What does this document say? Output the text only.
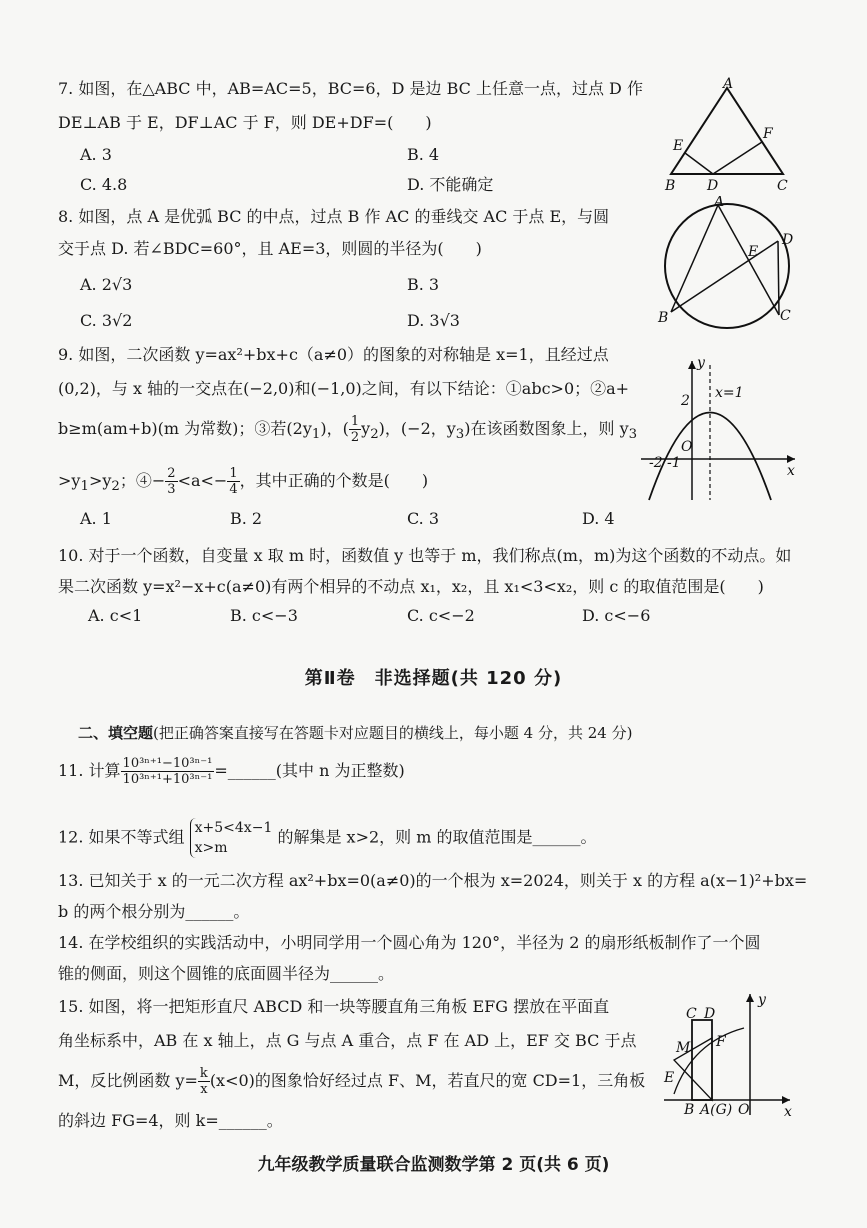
7. 如图，在△ABC 中，AB=AC=5，BC=6，D 是边 BC 上任意一点，过点 D 作
DE⊥AB 于 E，DF⊥AC 于 F，则 DE+DF=(　　)
A. 3	B. 4
C. 4.8	D. 不能确定
A
E
F
B D	C
8. 如图，点 A 是优弧 BC 的中点，过点 B 作 AC 的垂线交 AC 于点 E，与圆
交于点 D. 若∠BDC=60°，且 AE=3，则圆的半径为(　　)
A. 2√3	B. 3
C. 3√2	D. 3√3
A
D
E
B	C
9. 如图，二次函数 y=ax²+bx+c（a≠0）的图象的对称轴是 x=1，且经过点
(0,2)，与 x 轴的一交点在(−2,0)和(−1,0)之间，有以下结论：①abc>0；②a+
b≥m(am+b)(m 为常数)；③若$(2y_1)$，( $\frac{1}{2} y_2$)，(−2，$y_3$)在该函数图象上，则 $y_3$
$>y_1>y_2$；④− $\frac{2}{3} <a<- \frac{1}{4}$ ，其中正确的个数是(　　)
A. 1	B. 2	C. 3	D. 4
y
x=1
2
O
-2 -1	x
10. 对于一个函数，自变量 x 取 m 时，函数值 y 也等于 m，我们称点(m，m)为这个函数的不动点。如
果二次函数 y=x²−x+c(a≠0)有两个相异的不动点 x₁，x₂，且 x₁<3<x₂，则 c 的取值范围是(　　)
A. c<1	B. c<−3	C. c<−2	D. c<−6
第Ⅱ卷　非选择题(共 120 分)
二、填空题(把正确答案直接写在答题卡对应题目的横线上，每小题 4 分，共 24 分)
11. 计算 $\frac{\text{10³ⁿ⁺¹−10³ⁿ⁻¹}}{\text{10³ⁿ⁺¹+10³ⁿ⁻¹}}$ =______(其中 n 为正整数)
12. 如果不等式组 x+5<4x−1
x>m
的解集是 x>2，则 m 的取值范围是______。
13. 已知关于 x 的一元二次方程 ax²+bx=0(a≠0)的一个根为 x=2024，则关于 x 的方程 a(x−1)²+bx=
b 的两个根分别为______。
14. 在学校组织的实践活动中，小明同学用一个圆心角为 120°，半径为 2 的扇形纸板制作了一个圆
锥的侧面，则这个圆锥的底面圆半径为______。
15. 如图，将一把矩形直尺 ABCD 和一块等腰直角三角板 EFG 摆放在平面直
角坐标系中，AB 在 x 轴上，点 G 与点 A 重合，点 F 在 AD 上，EF 交 BC 于点
M，反比例函数 $y= \frac{k}{x} (x<0)$的图象恰好经过点 F、M，若直尺的宽 CD=1，三角板
的斜边 FG=4，则 k=______。
y
C D
M F
E
B A(G) O x
九年级教学质量联合监测数学第 2 页(共 6 页)
